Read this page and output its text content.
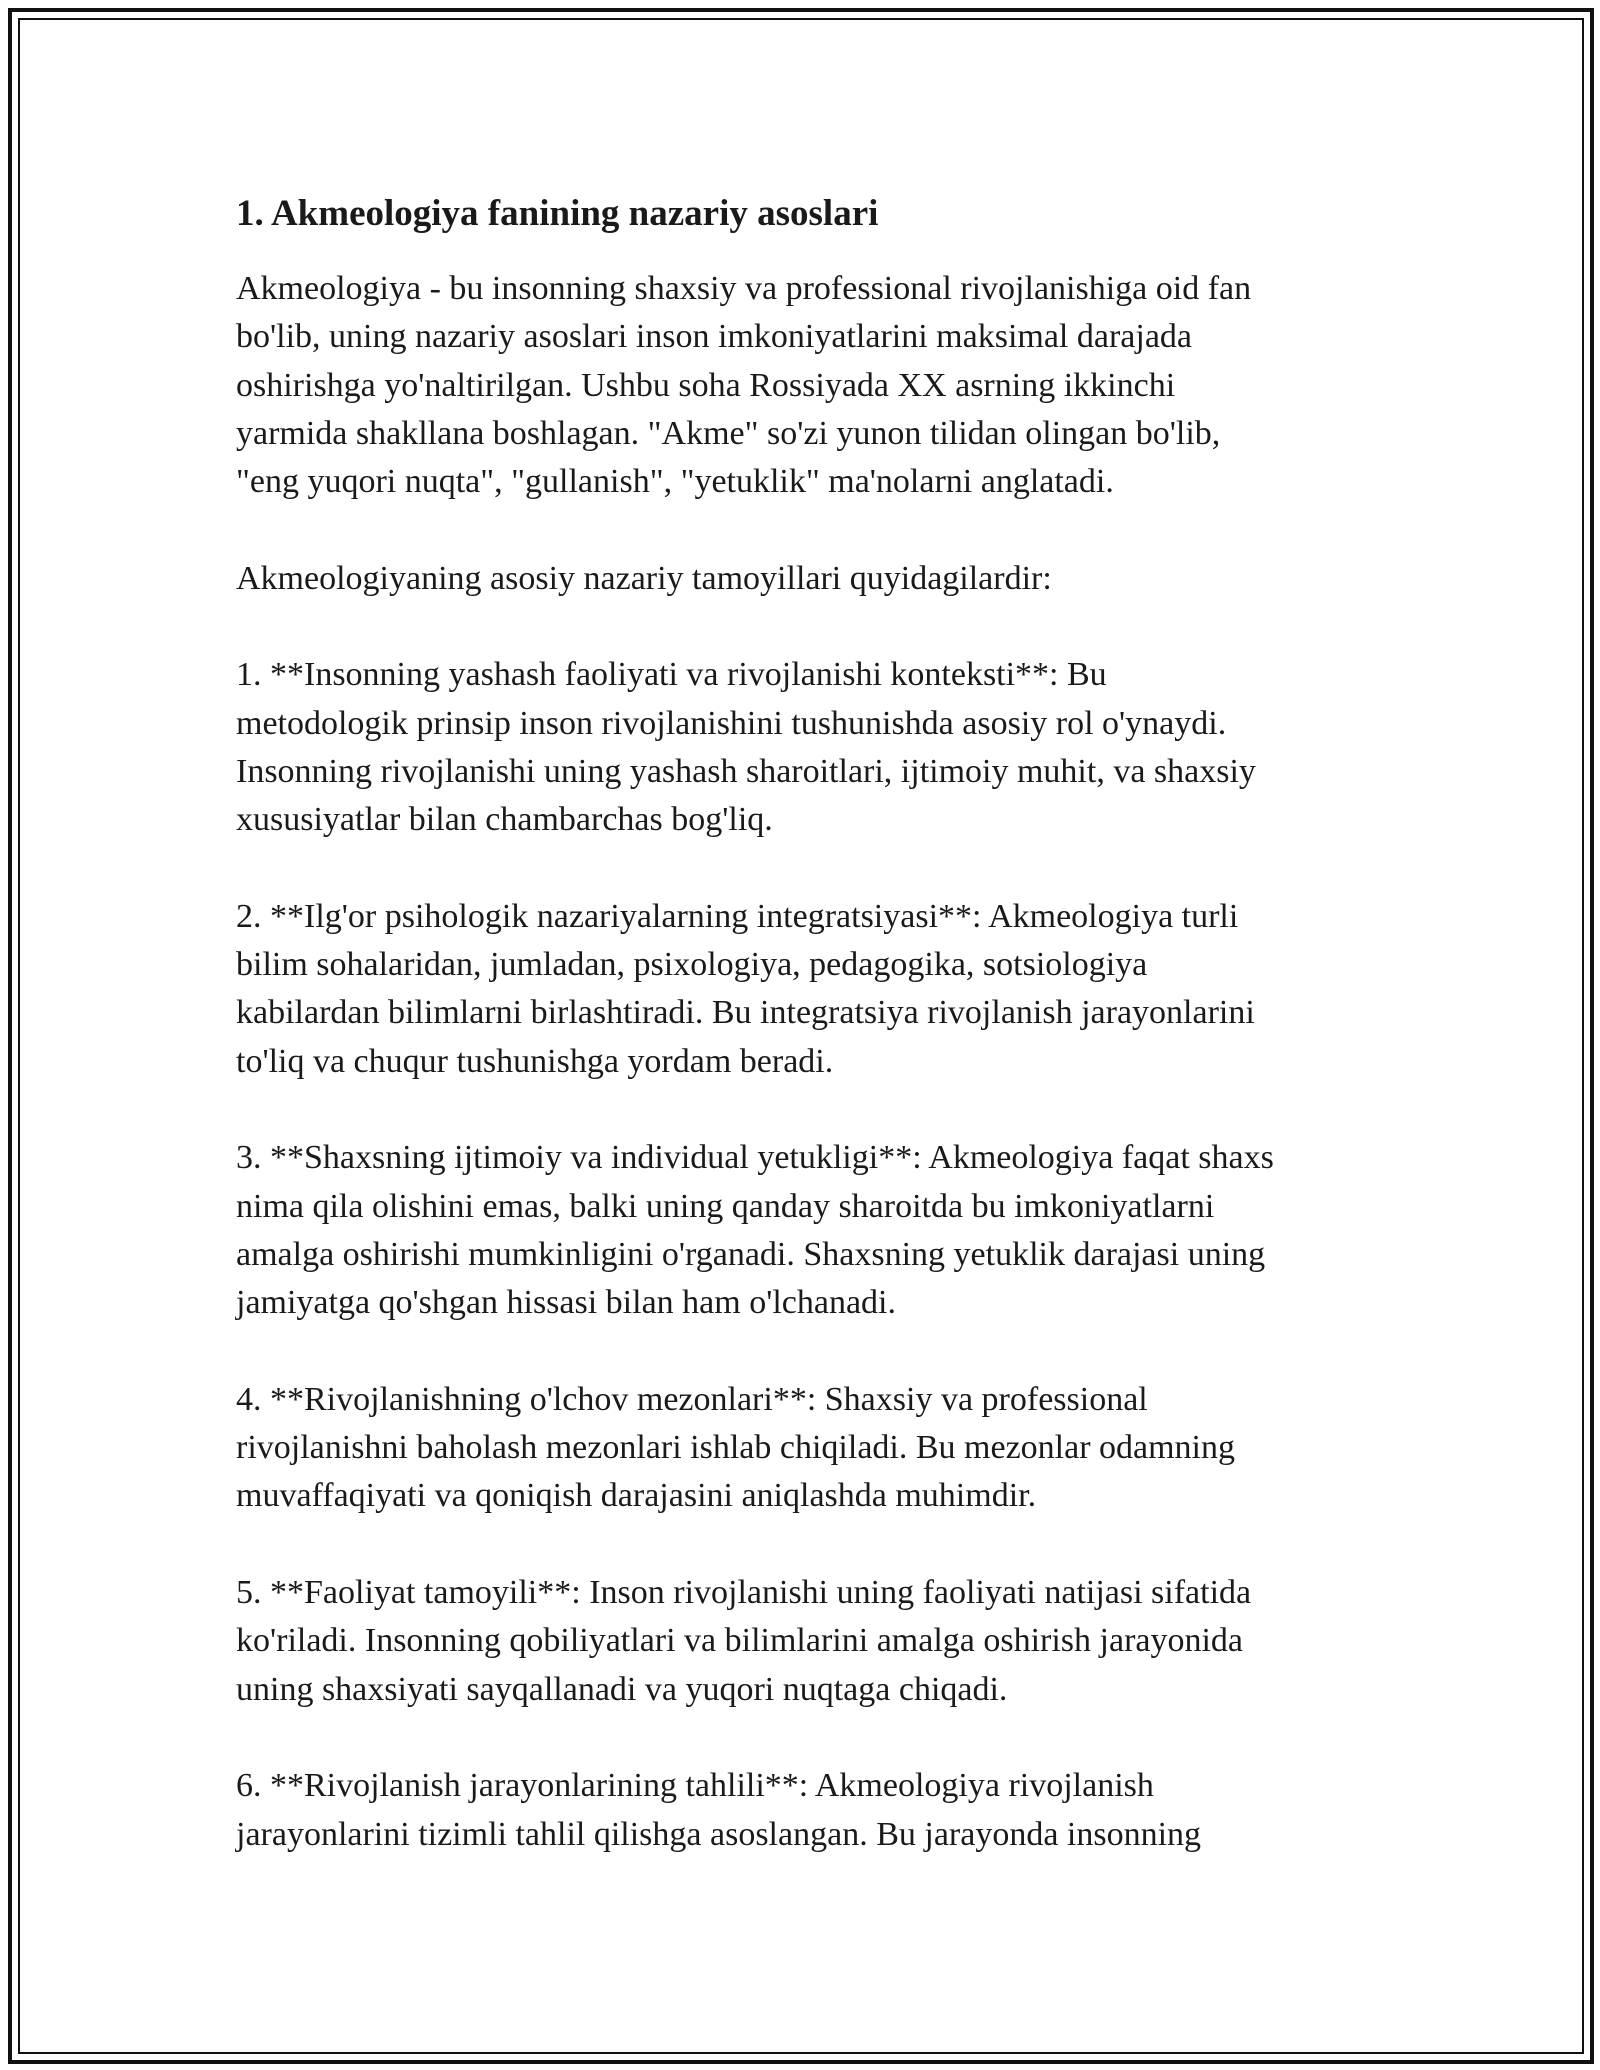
1. Akmeologiya fanining nazariy asoslari

Akmeologiya - bu insonning shaxsiy va professional rivojlanishiga oid fan
bo'lib, uning nazariy asoslari inson imkoniyatlarini maksimal darajada
oshirishga yo'naltirilgan. Ushbu soha Rossiyada XX asrning ikkinchi
yarmida shakllana boshlagan. "Akme" so'zi yunon tilidan olingan bo'lib,
"eng yuqori nuqta", "gullanish", "yetuklik" ma'nolarni anglatadi.

Akmeologiyaning asosiy nazariy tamoyillari quyidagilardir:

1. **Insonning yashash faoliyati va rivojlanishi konteksti**: Bu
metodologik prinsip inson rivojlanishini tushunishda asosiy rol o'ynaydi.
Insonning rivojlanishi uning yashash sharoitlari, ijtimoiy muhit, va shaxsiy
xususiyatlar bilan chambarchas bog'liq.

2. **Ilg'or psihologik nazariyalarning integratsiyasi**: Akmeologiya turli
bilim sohalaridan, jumladan, psixologiya, pedagogika, sotsiologiya
kabilardan bilimlarni birlashtiradi. Bu integratsiya rivojlanish jarayonlarini
to'liq va chuqur tushunishga yordam beradi.

3. **Shaxsning ijtimoiy va individual yetukligi**: Akmeologiya faqat shaxs
nima qila olishini emas, balki uning qanday sharoitda bu imkoniyatlarni
amalga oshirishi mumkinligini o'rganadi. Shaxsning yetuklik darajasi uning
jamiyatga qo'shgan hissasi bilan ham o'lchanadi.

4. **Rivojlanishning o'lchov mezonlari**: Shaxsiy va professional
rivojlanishni baholash mezonlari ishlab chiqiladi. Bu mezonlar odamning
muvaffaqiyati va qoniqish darajasini aniqlashda muhimdir.

5. **Faoliyat tamoyili**: Inson rivojlanishi uning faoliyati natijasi sifatida
ko'riladi. Insonning qobiliyatlari va bilimlarini amalga oshirish jarayonida
uning shaxsiyati sayqallanadi va yuqori nuqtaga chiqadi.

6. **Rivojlanish jarayonlarining tahlili**: Akmeologiya rivojlanish
jarayonlarini tizimli tahlil qilishga asoslangan. Bu jarayonda insonning
